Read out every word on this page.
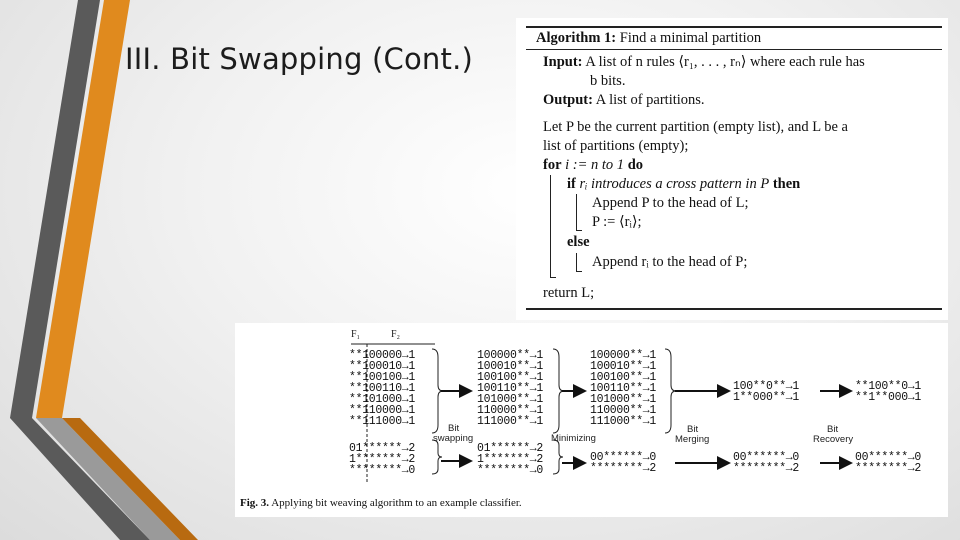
III. Bit Swapping (Cont.)
Algorithm 1: Find a minimal partition
Input: A list of n rules ⟨r₁, . . . , rₙ⟩ where each rule has
b bits.
Output: A list of partitions.
Let P be the current partition (empty list), and L be a
list of partitions (empty);
for i := n to 1 do
if rᵢ introduces a cross pattern in P then
Append P to the head of L;
P := ⟨rᵢ⟩;
else
Append rᵢ to the head of P;
return L;
F₁	F₂
**100000→1
**100010→1
**100100→1
**100110→1
**101000→1
**110000→1
**111000→1
01******→2
1*******→2
********→0
Bit
swapping
100000**→1
100010**→1
100100**→1
100110**→1
101000**→1
110000**→1
111000**→1
01******→2
1*******→2
********→0
Minimizing
100000**→1
100010**→1
100100**→1
100110**→1
101000**→1
110000**→1
111000**→1
00******→0
********→2
Bit
Merging
100**0**→1
1**000**→1
00******→0
********→2
Bit
Recovery
**100**0→1
**1**000→1
00******→0
********→2
Fig. 3. Applying bit weaving algorithm to an example classifier.
